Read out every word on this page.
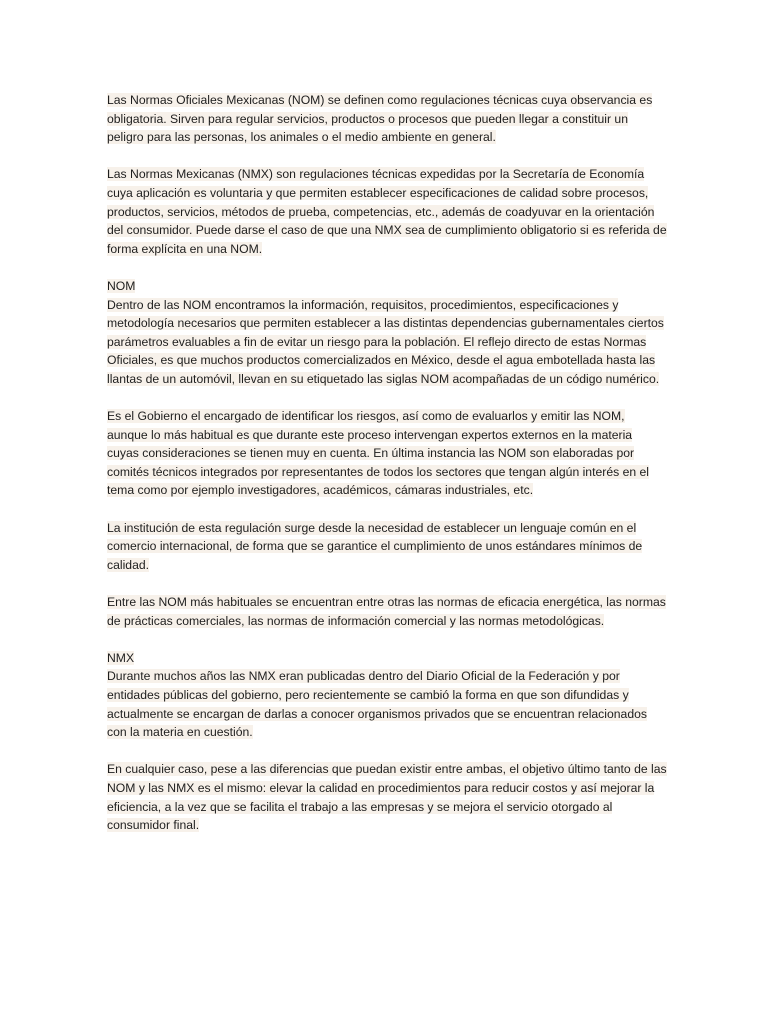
Las Normas Oficiales Mexicanas (NOM) se definen como regulaciones técnicas cuya observancia es obligatoria. Sirven para regular servicios, productos o procesos que pueden llegar a constituir un peligro para las personas, los animales o el medio ambiente en general.

Las Normas Mexicanas (NMX) son regulaciones técnicas expedidas por la Secretaría de Economía cuya aplicación es voluntaria y que permiten establecer especificaciones de calidad sobre procesos, productos, servicios, métodos de prueba, competencias, etc., además de coadyuvar en la orientación del consumidor. Puede darse el caso de que una NMX sea de cumplimiento obligatorio si es referida de forma explícita en una NOM.

NOM

Dentro de las NOM encontramos la información, requisitos, procedimientos, especificaciones y metodología necesarios que permiten establecer a las distintas dependencias gubernamentales ciertos parámetros evaluables a fin de evitar un riesgo para la población. El reflejo directo de estas Normas Oficiales, es que muchos productos comercializados en México, desde el agua embotellada hasta las llantas de un automóvil, llevan en su etiquetado las siglas NOM acompañadas de un código numérico.

Es el Gobierno el encargado de identificar los riesgos, así como de evaluarlos y emitir las NOM, aunque lo más habitual es que durante este proceso intervengan expertos externos en la materia cuyas consideraciones se tienen muy en cuenta. En última instancia las NOM son elaboradas por comités técnicos integrados por representantes de todos los sectores que tengan algún interés en el tema como por ejemplo investigadores, académicos, cámaras industriales, etc.

La institución de esta regulación surge desde la necesidad de establecer un lenguaje común en el comercio internacional, de forma que se garantice el cumplimiento de unos estándares mínimos de calidad.

Entre las NOM más habituales se encuentran entre otras las normas de eficacia energética, las normas de prácticas comerciales, las normas de información comercial y las normas metodológicas.

NMX

Durante muchos años las NMX eran publicadas dentro del Diario Oficial de la Federación y por entidades públicas del gobierno, pero recientemente se cambió la forma en que son difundidas y actualmente se encargan de darlas a conocer organismos privados que se encuentran relacionados con la materia en cuestión.

En cualquier caso, pese a las diferencias que puedan existir entre ambas, el objetivo último tanto de las NOM y las NMX es el mismo: elevar la calidad en procedimientos para reducir costos y así mejorar la eficiencia, a la vez que se facilita el trabajo a las empresas y se mejora el servicio otorgado al consumidor final.
